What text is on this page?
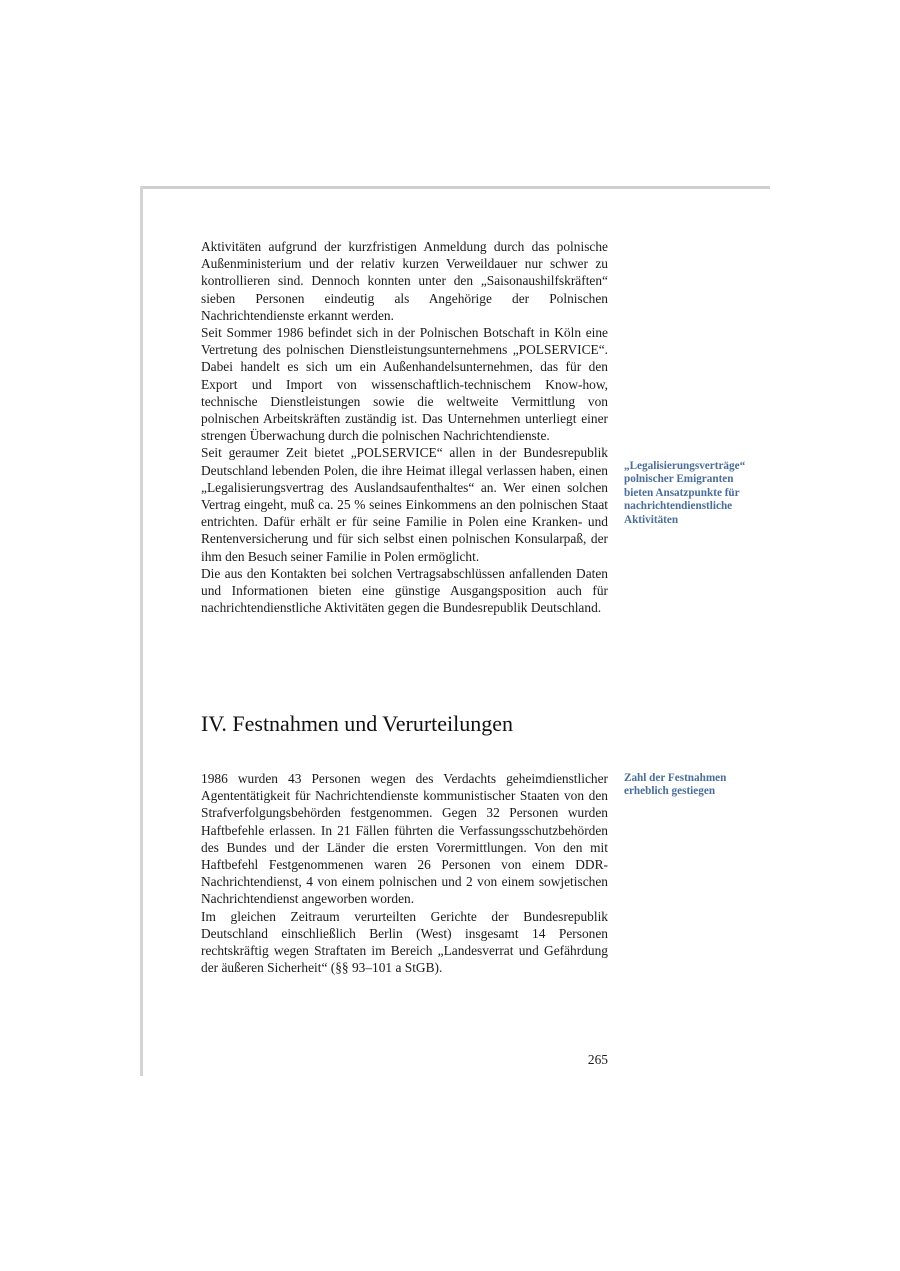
Aktivitäten aufgrund der kurzfristigen Anmeldung durch das polnische Außenministerium und der relativ kurzen Verweildauer nur schwer zu kontrollieren sind. Dennoch konnten unter den „Saisonaushilfskräften“ sieben Personen eindeutig als Angehörige der Polnischen Nachrichtendienste erkannt werden.

Seit Sommer 1986 befindet sich in der Polnischen Botschaft in Köln eine Vertretung des polnischen Dienstleistungsunternehmens „POLSERVICE“. Dabei handelt es sich um ein Außenhandelsunternehmen, das für den Export und Import von wissenschaftlich-technischem Know-how, technische Dienstleistungen sowie die weltweite Vermittlung von polnischen Arbeitskräften zuständig ist. Das Unternehmen unterliegt einer strengen Überwachung durch die polnischen Nachrichtendienste.

Seit geraumer Zeit bietet „POLSERVICE“ allen in der Bundesrepublik Deutschland lebenden Polen, die ihre Heimat illegal verlassen haben, einen „Legalisierungsvertrag des Auslandsaufenthaltes“ an. Wer einen solchen Vertrag eingeht, muß ca. 25 % seines Einkommens an den polnischen Staat entrichten. Dafür erhält er für seine Familie in Polen eine Kranken- und Rentenversicherung und für sich selbst einen polnischen Konsularpaß, der ihm den Besuch seiner Familie in Polen ermöglicht.

Die aus den Kontakten bei solchen Vertragsabschlüssen anfallenden Daten und Informationen bieten eine günstige Ausgangsposition auch für nachrichtendienstliche Aktivitäten gegen die Bundesrepublik Deutschland.

„Legalisierungsverträge“ polnischer Emigranten bieten Ansatzpunkte für nachrichtendienstliche Aktivitäten

IV. Festnahmen und Verurteilungen

1986 wurden 43 Personen wegen des Verdachts geheimdienstlicher Agententätigkeit für Nachrichtendienste kommunistischer Staaten von den Strafverfolgungsbehörden festgenommen. Gegen 32 Personen wurden Haftbefehle erlassen. In 21 Fällen führten die Verfassungsschutzbehörden des Bundes und der Länder die ersten Vorermittlungen. Von den mit Haftbefehl Festgenommenen waren 26 Personen von einem DDR-Nachrichtendienst, 4 von einem polnischen und 2 von einem sowjetischen Nachrichtendienst angeworben worden.

Im gleichen Zeitraum verurteilten Gerichte der Bundesrepublik Deutschland einschließlich Berlin (West) insgesamt 14 Personen rechtskräftig wegen Straftaten im Bereich „Landesverrat und Gefährdung der äußeren Sicherheit“ (§§ 93–101 a StGB).

Zahl der Festnahmen erheblich gestiegen

265
